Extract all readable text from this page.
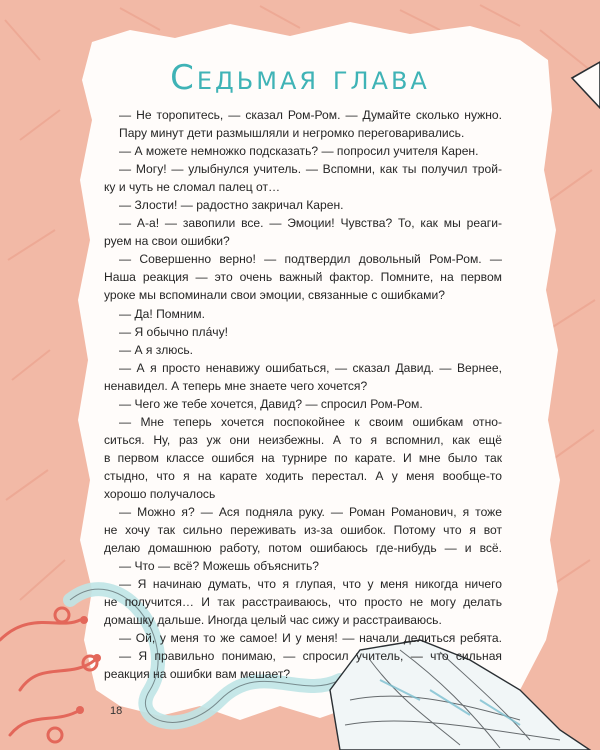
Седьмая глава
— Не торопитесь, — сказал Ром-Ром. — Думайте сколько нужно.
Пару минут дети размышляли и негромко переговаривались.
— А можете немножко подсказать? — попросил учителя Карен.
— Могу! — улыбнулся учитель. — Вспомни, как ты получил трой-
ку и чуть не сломал палец от…
— Злости! — радостно закричал Карен.
— А-а! — завопили все. — Эмоции! Чувства? То, как мы реаги-
руем на свои ошибки?
— Совершенно верно! — подтвердил довольный Ром-Ром. —
Наша реакция — это очень важный фактор. Помните, на первом
уроке мы вспоминали свои эмоции, связанные с ошибками?
— Да! Помним.
— Я обычно плáчу!
— А я злюсь.
— А я просто ненавижу ошибаться, — сказал Давид. — Вернее,
ненавидел. А теперь мне знаете чего хочется?
— Чего же тебе хочется, Давид? — спросил Ром-Ром.
— Мне теперь хочется поспокойнее к своим ошибкам отно-
ситься. Ну, раз уж они неизбежны. А то я вспомнил, как ещё
в первом классе ошибся на турнире по карате. И мне было так
стыдно, что я на карате ходить перестал. А у меня вообще-то
хорошо получалось
— Можно я? — Ася подняла руку. — Роман Романович, я тоже
не хочу так сильно переживать из-за ошибок. Потому что я вот
делаю домашнюю работу, потом ошибаюсь где-нибудь — и всё.
— Что — всё? Можешь объяснить?
— Я начинаю думать, что я глупая, что у меня никогда ничего
не получится… И так расстраиваюсь, что просто не могу делать
домашку дальше. Иногда целый час сижу и расстраиваюсь.
— Ой, у меня то же самое! И у меня! — начали делиться ребята.
— Я правильно понимаю, — спросил учитель, — что сильная
реакция на ошибки вам мешает?
18
